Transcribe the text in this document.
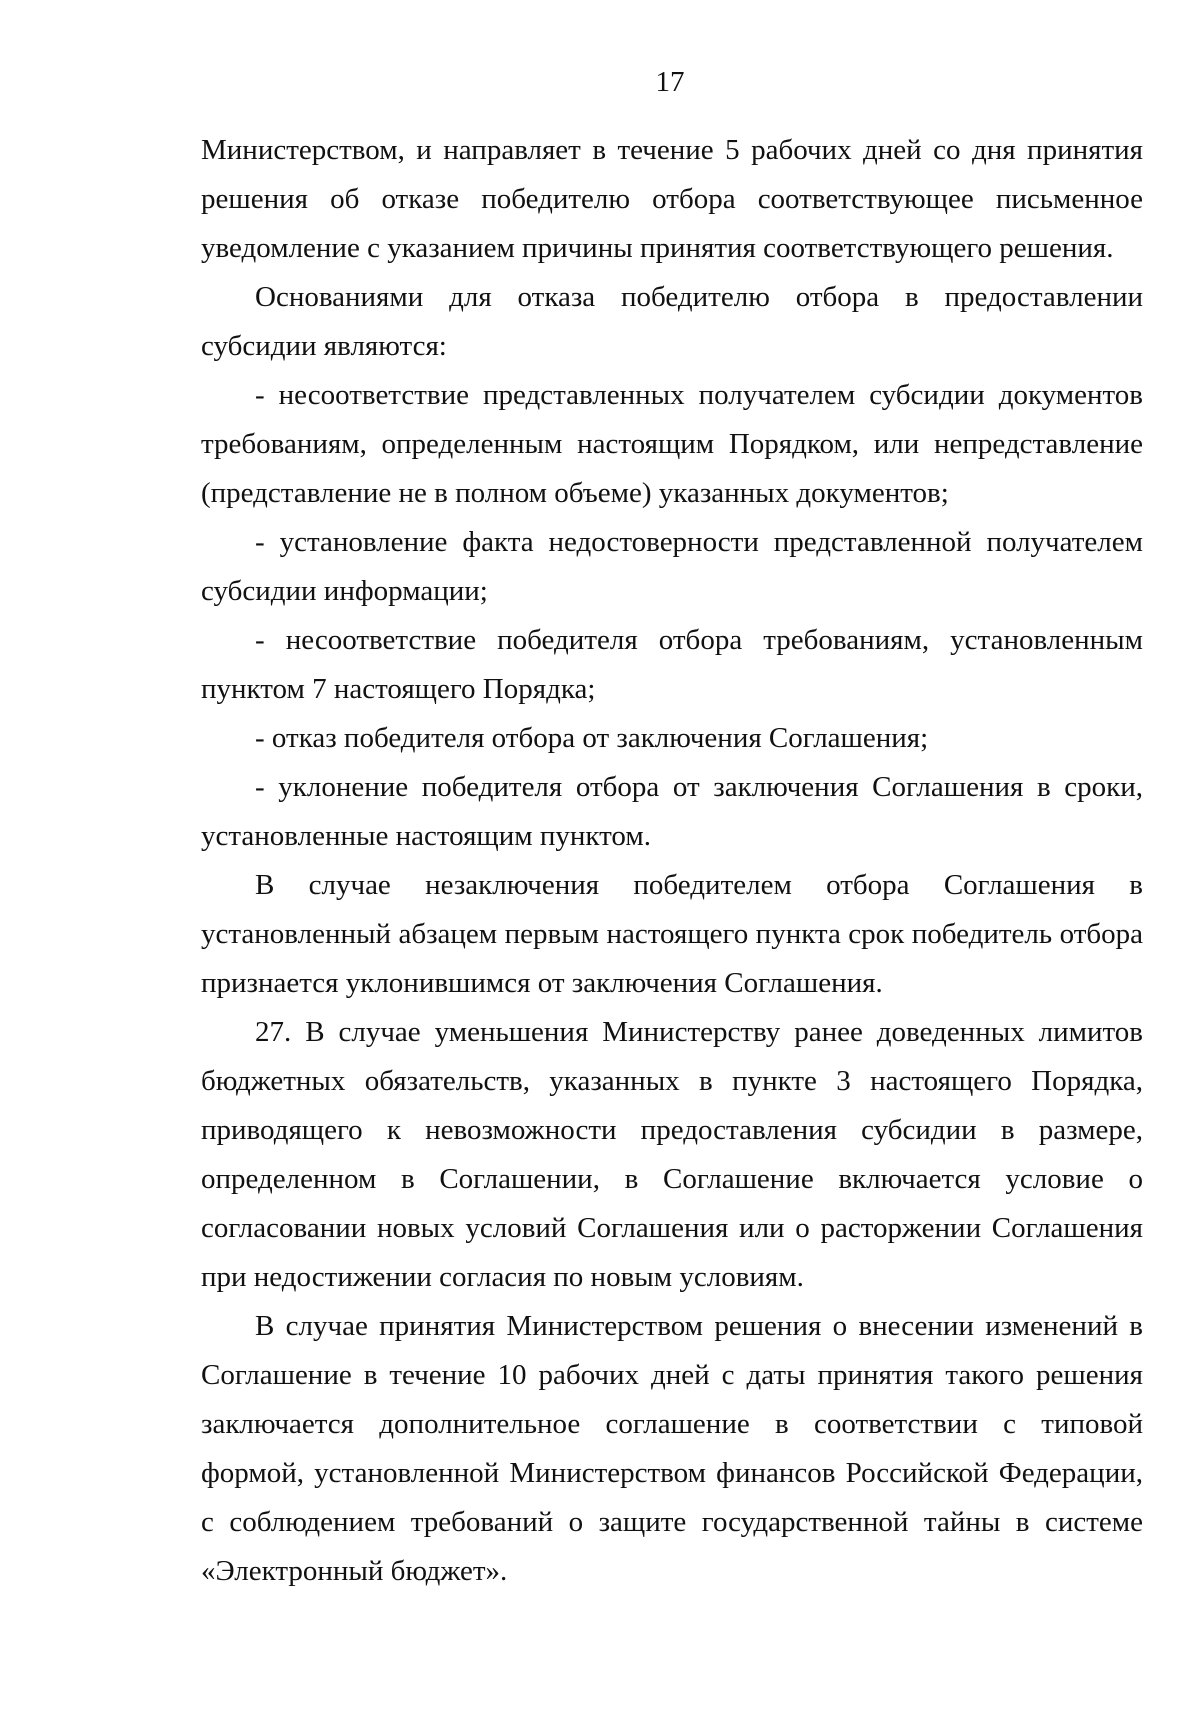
17

Министерством, и направляет в течение 5 рабочих дней со дня принятия решения об отказе победителю отбора соответствующее письменное уведомление с указанием причины принятия соответствующего решения.

Основаниями для отказа победителю отбора в предоставлении субсидии являются:

- несоответствие представленных получателем субсидии документов требованиям, определенным настоящим Порядком, или непредставление (представление не в полном объеме) указанных документов;

- установление факта недостоверности представленной получателем субсидии информации;

- несоответствие победителя отбора требованиям, установленным пунктом 7 настоящего Порядка;

- отказ победителя отбора от заключения Соглашения;

- уклонение победителя отбора от заключения Соглашения в сроки, установленные настоящим пунктом.

В случае незаключения победителем отбора Соглашения в установленный абзацем первым настоящего пункта срок победитель отбора признается уклонившимся от заключения Соглашения.

27. В случае уменьшения Министерству ранее доведенных лимитов бюджетных обязательств, указанных в пункте 3 настоящего Порядка, приводящего к невозможности предоставления субсидии в размере, определенном в Соглашении, в Соглашение включается условие о согласовании новых условий Соглашения или о расторжении Соглашения при недостижении согласия по новым условиям.

В случае принятия Министерством решения о внесении изменений в Соглашение в течение 10 рабочих дней с даты принятия такого решения заключается дополнительное соглашение в соответствии с типовой формой, установленной Министерством финансов Российской Федерации, с соблюдением требований о защите государственной тайны в системе «Электронный бюджет».
